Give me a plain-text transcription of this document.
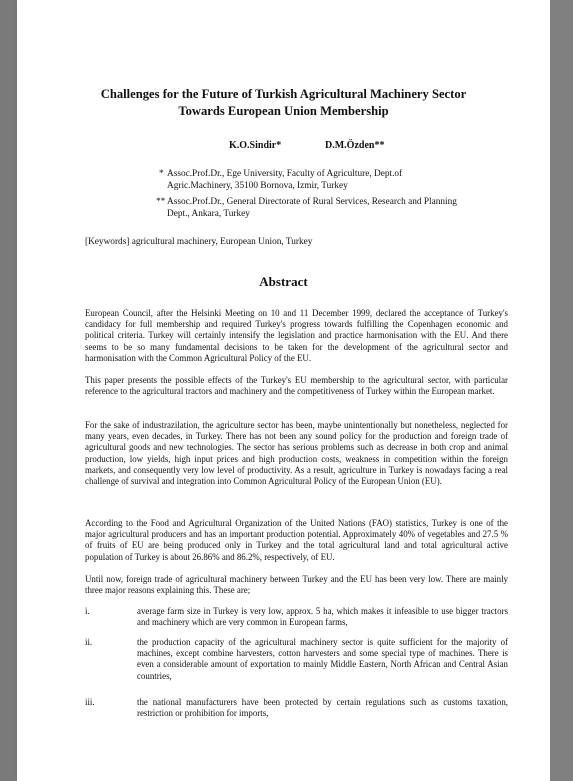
Challenges for the Future of Turkish Agricultural Machinery Sector
Towards European Union Membership
K.O.Sindir*	D.M.Özden**
* Assoc.Prof.Dr., Ege University, Faculty of Agriculture, Dept.of Agric.Machinery, 35100 Bornova, Izmir, Turkey
** Assoc.Prof.Dr., General Directorate of Rural Services, Research and Planning Dept., Ankara, Turkey
[Keywords] agricultural machinery, European Union, Turkey
Abstract
European Council, after the Helsinki Meeting on 10 and 11 December 1999, declared the acceptance of Turkey's candidacy for full membership and required Turkey's progress towards fulfilling the Copenhagen economic and political criteria. Turkey will certainly intensify the legislation and practice harmonisation with the EU. And there seems to be so many fundamental decisions to be taken for the development of the agricultural sector and harmonisation with the Common Agricultural Policy of the EU.
This paper presents the possible effects of the Turkey's EU membership to the agricultural sector, with particular reference to the agricultural tractors and machinery and the competitiveness of Turkey within the European market.
For the sake of industrazilation, the agriculture sector has been, maybe unintentionally but nonetheless, neglected for many years, even decades, in Turkey. There has not been any sound policy for the production and foreign trade of agricultural goods and new technologies. The sector has serious problems such as decrease in both crop and animal production, low yields, high input prices and high production costs, weakness in competition within the foreign markets, and consequently very low level of productivity. As a result, agriculture in Turkey is nowadays facing a real challenge of survival and integration into Common Agricultural Policy of the European Union (EU).
According to the Food and Agricultural Organization of the United Nations (FAO) statistics, Turkey is one of the major agricultural producers and has an important production potential. Approximately 40% of vegetables and 27.5 % of fruits of EU are being produced only in Turkey and the total agricultural land and total agricultural active population of Turkey is about 26.86% and 86.2%, respectively, of EU.
Until now, foreign trade of agricultural machinery between Turkey and the EU has been very low. There are mainly three major reasons explaining this. These are;
i.	average farm size in Turkey is very low, approx. 5 ha, which makes it infeasible to use bigger tractors and machinery which are very common in European farms,
ii.	the production capacity of the agricultural machinery sector is quite sufficient for the majority of machines, except combine harvesters, cotton harvesters and some special type of machines. There is even a considerable amount of exportation to mainly Middle Eastern, North African and Central Asian countries,
iii.	the national manufacturers have been protected by certain regulations such as customs taxation, restriction or prohibition for imports,
